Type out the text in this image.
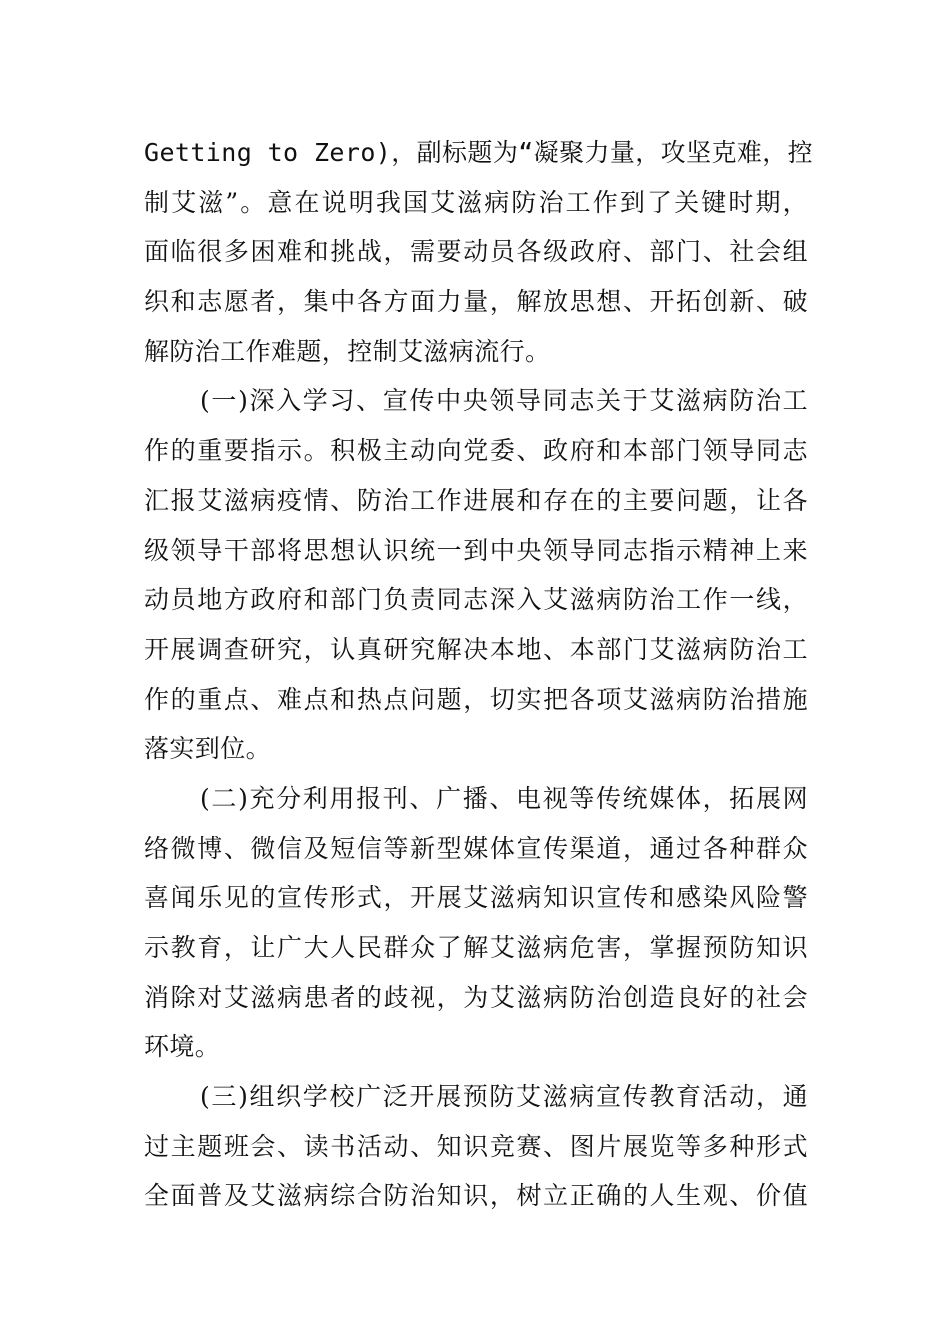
Getting to Zero)，副标题为“凝聚力量，攻坚克难，控
制艾滋”。意在说明我国艾滋病防治工作到了关键时期，
面临很多困难和挑战，需要动员各级政府、部门、社会组
织和志愿者，集中各方面力量，解放思想、开拓创新、破
解防治工作难题，控制艾滋病流行。
(一)深入学习、宣传中央领导同志关于艾滋病防治工
作的重要指示。积极主动向党委、政府和本部门领导同志
汇报艾滋病疫情、防治工作进展和存在的主要问题，让各
级领导干部将思想认识统一到中央领导同志指示精神上来
动员地方政府和部门负责同志深入艾滋病防治工作一线，
开展调查研究，认真研究解决本地、本部门艾滋病防治工
作的重点、难点和热点问题，切实把各项艾滋病防治措施
落实到位。
(二)充分利用报刊、广播、电视等传统媒体，拓展网
络微博、微信及短信等新型媒体宣传渠道，通过各种群众
喜闻乐见的宣传形式，开展艾滋病知识宣传和感染风险警
示教育，让广大人民群众了解艾滋病危害，掌握预防知识
消除对艾滋病患者的歧视，为艾滋病防治创造良好的社会
环境。
(三)组织学校广泛开展预防艾滋病宣传教育活动，通
过主题班会、读书活动、知识竞赛、图片展览等多种形式
全面普及艾滋病综合防治知识，树立正确的人生观、价值
